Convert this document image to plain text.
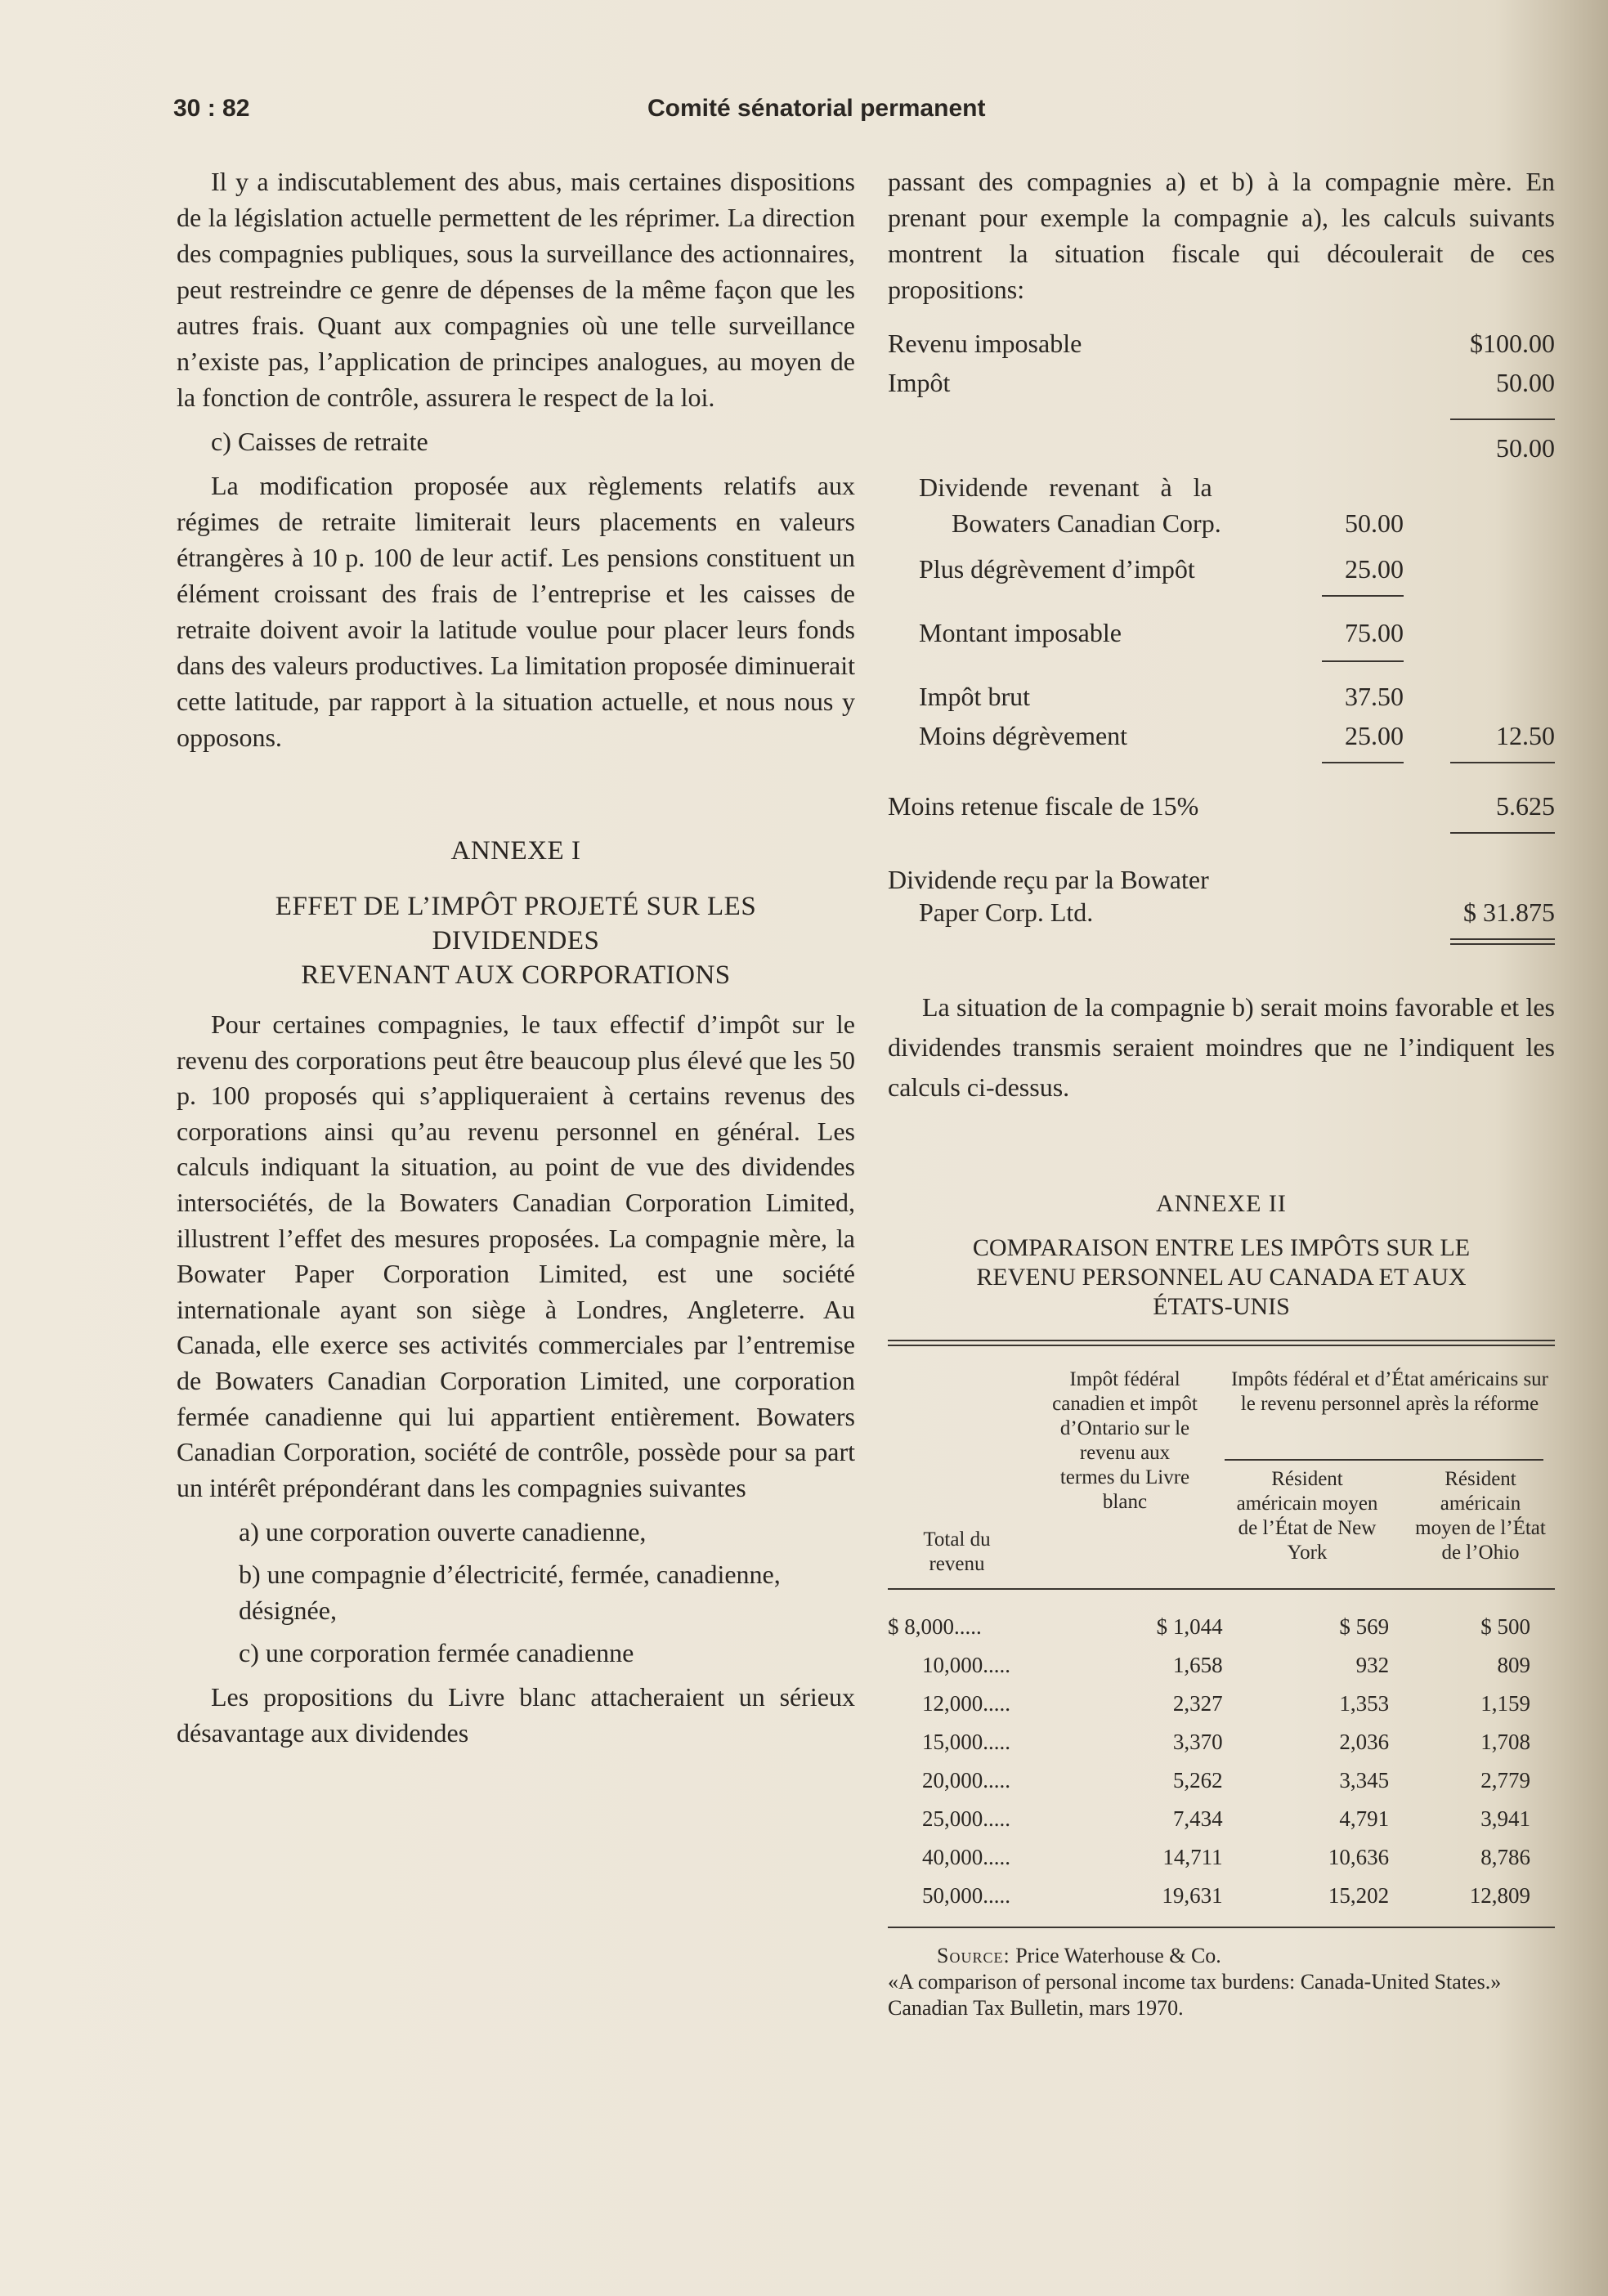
30 : 82	Comité sénatorial permanent

Il y a indiscutablement des abus, mais certaines dispositions de la législation actuelle permettent de les réprimer. La direction des compagnies publiques, sous la surveillance des actionnaires, peut restreindre ce genre de dépenses de la même façon que les autres frais. Quant aux compagnies où une telle surveillance n’existe pas, l’application de principes analogues, au moyen de la fonction de contrôle, assurera le respect de la loi.

c) Caisses de retraite

La modification proposée aux règlements relatifs aux régimes de retraite limiterait leurs placements en valeurs étrangères à 10 p. 100 de leur actif. Les pensions constituent un élément croissant des frais de l’entreprise et les caisses de retraite doivent avoir la latitude voulue pour placer leurs fonds dans des valeurs productives. La limitation proposée diminuerait cette latitude, par rapport à la situation actuelle, et nous nous y opposons.

ANNEXE I
EFFET DE L’IMPÔT PROJETÉ SUR LES
DIVIDENDES
REVENANT AUX CORPORATIONS

Pour certaines compagnies, le taux effectif d’impôt sur le revenu des corporations peut être beaucoup plus élevé que les 50 p. 100 proposés qui s’appliqueraient à certains revenus des corporations ainsi qu’au revenu personnel en général. Les calculs indiquant la situation, au point de vue des dividendes intersociétés, de la Bowaters Canadian Corporation Limited, illustrent l’effet des mesures proposées. La compagnie mère, la Bowater Paper Corporation Limited, est une société internationale ayant son siège à Londres, Angleterre. Au Canada, elle exerce ses activités commerciales par l’entremise de Bowaters Canadian Corporation Limited, une corporation fermée canadienne qui lui appartient entièrement. Bowaters Canadian Corporation, société de contrôle, possède pour sa part un intérêt prépondérant dans les compagnies suivantes

a) une corporation ouverte canadienne,

b) une compagnie d’électricité, fermée, canadienne, désignée,

c) une corporation fermée canadienne

Les propositions du Livre blanc attacheraient un sérieux désavantage aux dividendes

passant des compagnies a) et b) à la compagnie mère. En prenant pour exemple la compagnie a), les calculs suivants montrent la situation fiscale qui découlerait de ces propositions:

Revenu imposable	$100.00
Impôt	50.00
50.00
Dividende revenant à la
Bowaters Canadian Corp.	50.00
Plus dégrèvement d’impôt	25.00
Montant imposable	75.00
Impôt brut	37.50
Moins dégrèvement	25.00	12.50
Moins retenue fiscale de 15%	5.625
Dividende reçu par la Bowater
Paper Corp. Ltd.	$ 31.875

La situation de la compagnie b) serait moins favorable et les dividendes transmis seraient moindres que ne l’indiquent les calculs ci-dessus.

ANNEXE II
COMPARAISON ENTRE LES IMPÔTS SUR LE
REVENU PERSONNEL AU CANADA ET AUX
ÉTATS-UNIS
Total du revenu
Impôt fédéral canadien et impôt d’Ontario sur le revenu aux termes du Livre blanc
Impôts fédéral et d’État américains sur le revenu personnel après la réforme
Résident américain moyen de l’État de New York
Résident américain moyen de l’État de l’Ohio
$ 8,000.....	$ 1,044	$ 569	$ 500
10,000.....	1,658	932	809
12,000.....	2,327	1,353	1,159
15,000.....	3,370	2,036	1,708
20,000.....	5,262	3,345	2,779
25,000.....	7,434	4,791	3,941
40,000.....	14,711	10,636	8,786
50,000.....	19,631	15,202	12,809
Source: Price Waterhouse & Co.
«A comparison of personal income tax burdens: Canada-United States.» Canadian Tax Bulletin, mars 1970.
